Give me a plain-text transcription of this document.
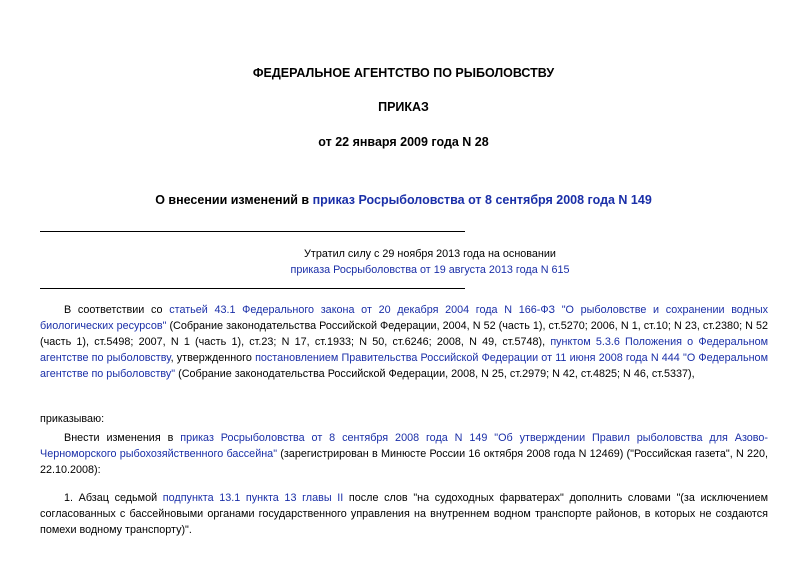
ФЕДЕРАЛЬНОЕ АГЕНТСТВО ПО РЫБОЛОВСТВУ
ПРИКАЗ
от 22 января 2009 года N 28
О внесении изменений в приказ Росрыболовства от 8 сентября 2008 года N 149
Утратил силу с 29 ноября 2013 года на основании
приказа Росрыболовства от 19 августа 2013 года N 615

В соответствии со статьей 43.1 Федерального закона от 20 декабря 2004 года N 166-ФЗ "О рыболовстве и сохранении водных биологических ресурсов" (Собрание законодательства Российской Федерации, 2004, N 52 (часть 1), ст.5270; 2006, N 1, ст.10; N 23, ст.2380; N 52 (часть 1), ст.5498; 2007, N 1 (часть 1), ст.23; N 17, ст.1933; N 50, ст.6246; 2008, N 49, ст.5748), пунктом 5.3.6 Положения о Федеральном агентстве по рыболовству, утвержденного постановлением Правительства Российской Федерации от 11 июня 2008 года N 444 "О Федеральном агентстве по рыболовству" (Собрание законодательства Российской Федерации, 2008, N 25, ст.2979; N 42, ст.4825; N 46, ст.5337),

приказываю:

Внести изменения в приказ Росрыболовства от 8 сентября 2008 года N 149 "Об утверждении Правил рыболовства для Азово-Черноморского рыбохозяйственного бассейна" (зарегистрирован в Минюсте России 16 октября 2008 года N 12469) ("Российская газета", N 220, 22.10.2008):

1. Абзац седьмой подпункта 13.1 пункта 13 главы II после слов "на судоходных фарватерах" дополнить словами "(за исключением согласованных с бассейновыми органами государственного управления на внутреннем водном транспорте районов, в которых не создаются помехи водному транспорту)".
